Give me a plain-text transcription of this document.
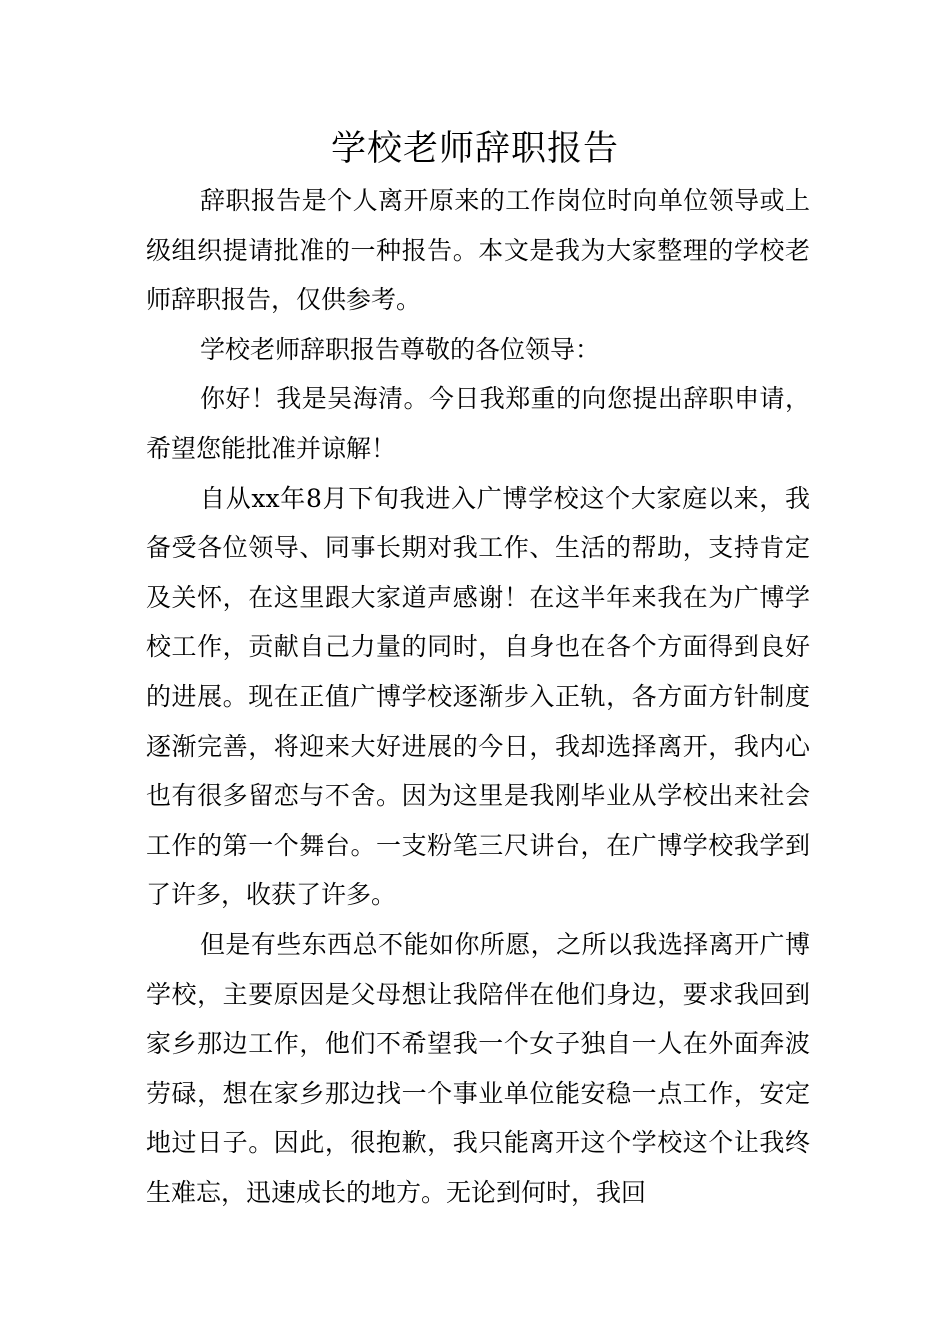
学校老师辞职报告

辞职报告是个人离开原来的工作岗位时向单位领导或上级组织提请批准的一种报告。本文是我为大家整理的学校老师辞职报告，仅供参考。

学校老师辞职报告尊敬的各位领导：

你好！我是吴海清。今日我郑重的向您提出辞职申请，希望您能批准并谅解！

自从xx年8月下旬我进入广博学校这个大家庭以来，我备受各位领导、同事长期对我工作、生活的帮助，支持肯定及关怀，在这里跟大家道声感谢！在这半年来我在为广博学校工作，贡献自己力量的同时，自身也在各个方面得到良好的进展。现在正值广博学校逐渐步入正轨，各方面方针制度逐渐完善，将迎来大好进展的今日，我却选择离开，我内心也有很多留恋与不舍。因为这里是我刚毕业从学校出来社会工作的第一个舞台。一支粉笔三尺讲台，在广博学校我学到了许多，收获了许多。

但是有些东西总不能如你所愿，之所以我选择离开广博学校，主要原因是父母想让我陪伴在他们身边，要求我回到家乡那边工作，他们不希望我一个女子独自一人在外面奔波劳碌，想在家乡那边找一个事业单位能安稳一点工作，安定地过日子。因此，很抱歉，我只能离开这个学校这个让我终生难忘，迅速成长的地方。无论到何时，我回
